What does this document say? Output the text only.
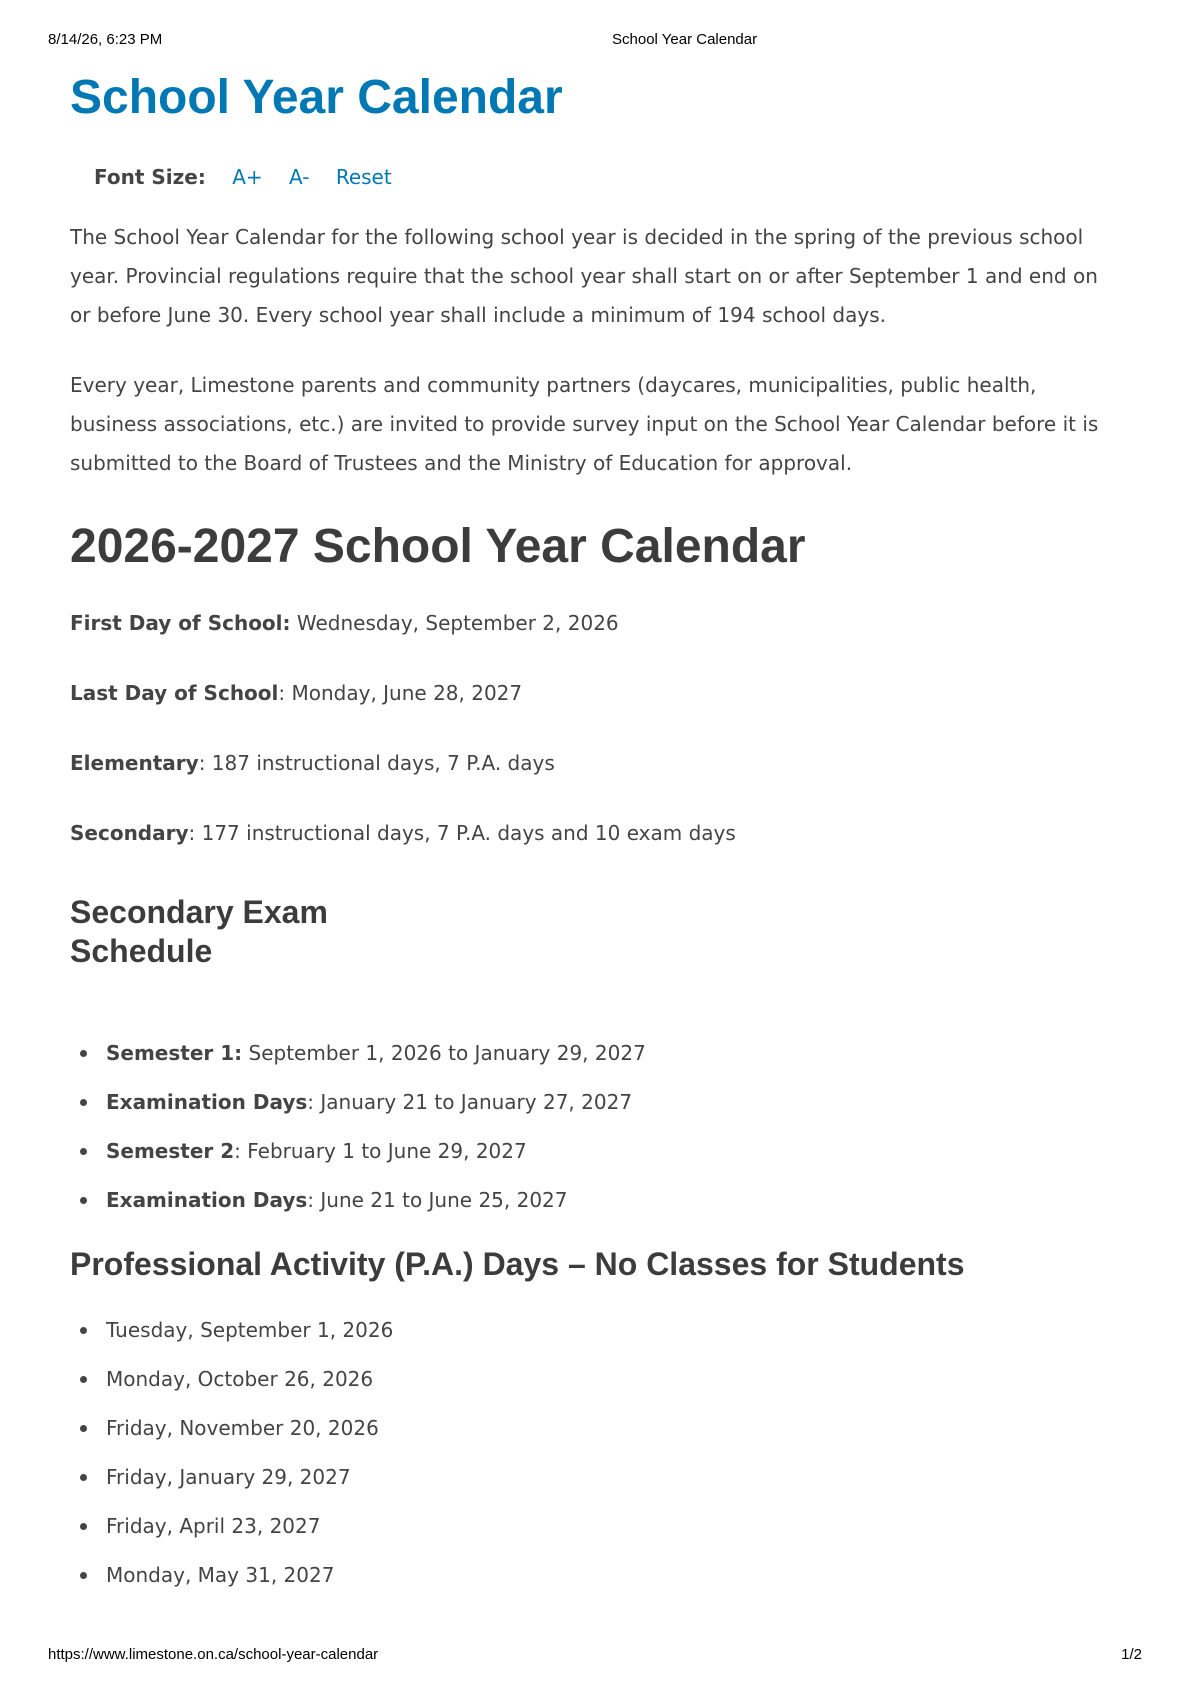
8/14/26, 6:23 PM	School Year Calendar
School Year Calendar
Font Size: A+ A- Reset

The School Year Calendar for the following school year is decided in the spring of the previous school year. Provincial regulations require that the school year shall start on or after September 1 and end on or before June 30. Every school year shall include a minimum of 194 school days.

Every year, Limestone parents and community partners (daycares, municipalities, public health, business associations, etc.) are invited to provide survey input on the School Year Calendar before it is submitted to the Board of Trustees and the Ministry of Education for approval.

2026-2027 School Year Calendar

First Day of School: Wednesday, September 2, 2026

Last Day of School: Monday, June 28, 2027

Elementary: 187 instructional days, 7 P.A. days

Secondary: 177 instructional days, 7 P.A. days and 10 exam days

Secondary Exam Schedule
Semester 1: September 1, 2026 to January 29, 2027
Examination Days: January 21 to January 27, 2027
Semester 2: February 1 to June 29, 2027
Examination Days: June 21 to June 25, 2027
Professional Activity (P.A.) Days – No Classes for Students
Tuesday, September 1, 2026
Monday, October 26, 2026
Friday, November 20, 2026
Friday, January 29, 2027
Friday, April 23, 2027
Monday, May 31, 2027
https://www.limestone.on.ca/school-year-calendar	1/2
